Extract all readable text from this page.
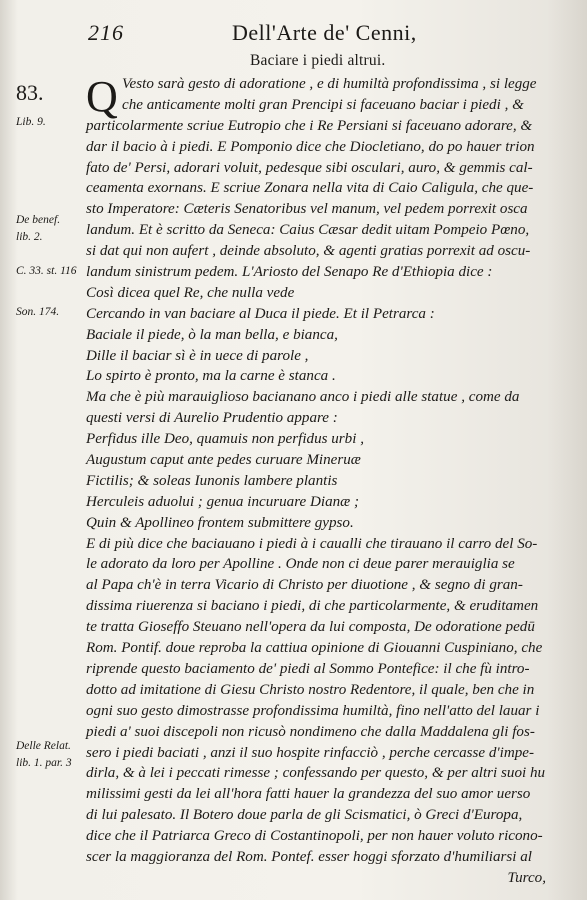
216	Dell'Arte de' Cenni,
Baciare i piedi altrui.
83.
Lib. 9.
De benef.
lib. 2.
C. 33. st. 116
Son. 174.
Delle Relat.
lib. 1. par. 3
Q Vesto sarà gesto di adoratione , e di humiltà profondissima , si legge
che anticamente molti gran Prencipi si faceuano baciar i piedi , &
particolarmente scriue Eutropio che i Re Persiani si faceuano adorare, &
dar il bacio à i piedi. E Pomponio dice che Diocletiano, do po hauer trion
fato de' Persi, adorari voluit, pedesque sibi osculari, auro, & gemmis cal-
ceamenta exornans. E scriue Zonara nella vita di Caio Caligula, che que-
sto Imperatore: Cæteris Senatoribus vel manum, vel pedem porrexit osca
landum. Et è scritto da Seneca: Caius Cæsar dedit uitam Pompeio Pœno,
si dat qui non aufert , deinde absoluto, & agenti gratias porrexit ad oscu-
landum sinistrum pedem. L'Ariosto del Senapo Re d'Ethiopia dice :
Così dicea quel Re, che nulla vede
Cercando in van baciare al Duca il piede. Et il Petrarca :
Baciale il piede, ò la man bella, e bianca,
Dille il baciar sì è in uece di parole ,
Lo spirto è pronto, ma la carne è stanca .
Ma che è più marauiglioso bacianano anco i piedi alle statue , come da
questi versi di Aurelio Prudentio appare :
Perfidus ille Deo, quamuis non perfidus urbi ,
Augustum caput ante pedes curuare Mineruæ
Fictilis; & soleas Iunonis lambere plantis
Herculeis aduolui ; genua incuruare Dianæ ;
Quin & Apollineo frontem submittere gypso.
E di più dice che baciauano i piedi à i caualli che tirauano il carro del So-
le adorato da loro per Apolline . Onde non ci deue parer merauiglia se
al Papa ch'è in terra Vicario di Christo per diuotione , & segno di gran-
dissima riuerenza si baciano i piedi, di che particolarmente, & eruditamen
te tratta Gioseffo Steuano nell'opera da lui composta, De odoratione pedū
Rom. Pontif. doue reproba la cattiua opinione di Giouanni Cuspiniano, che
riprende questo baciamento de' piedi al Sommo Pontefice: il che fù intro-
dotto ad imitatione di Giesu Christo nostro Redentore, il quale, ben che in
ogni suo gesto dimostrasse profondissima humiltà, fino nell'atto del lauar i
piedi a' suoi discepoli non ricusò nondimeno che dalla Maddalena gli fos-
sero i piedi baciati , anzi il suo hospite rinfacciò , perche cercasse d'impe-
dirla, & à lei i peccati rimesse ; confessando per questo, & per altri suoi hu
milissimi gesti da lei all'hora fatti hauer la grandezza del suo amor uerso
di lui palesato. Il Botero doue parla de gli Scismatici, ò Greci d'Europa,
dice che il Patriarca Greco di Costantinopoli, per non hauer voluto ricono-
scer la maggioranza del Rom. Pontef. esser hoggi sforzato d'humiliarsi al
Turco,
